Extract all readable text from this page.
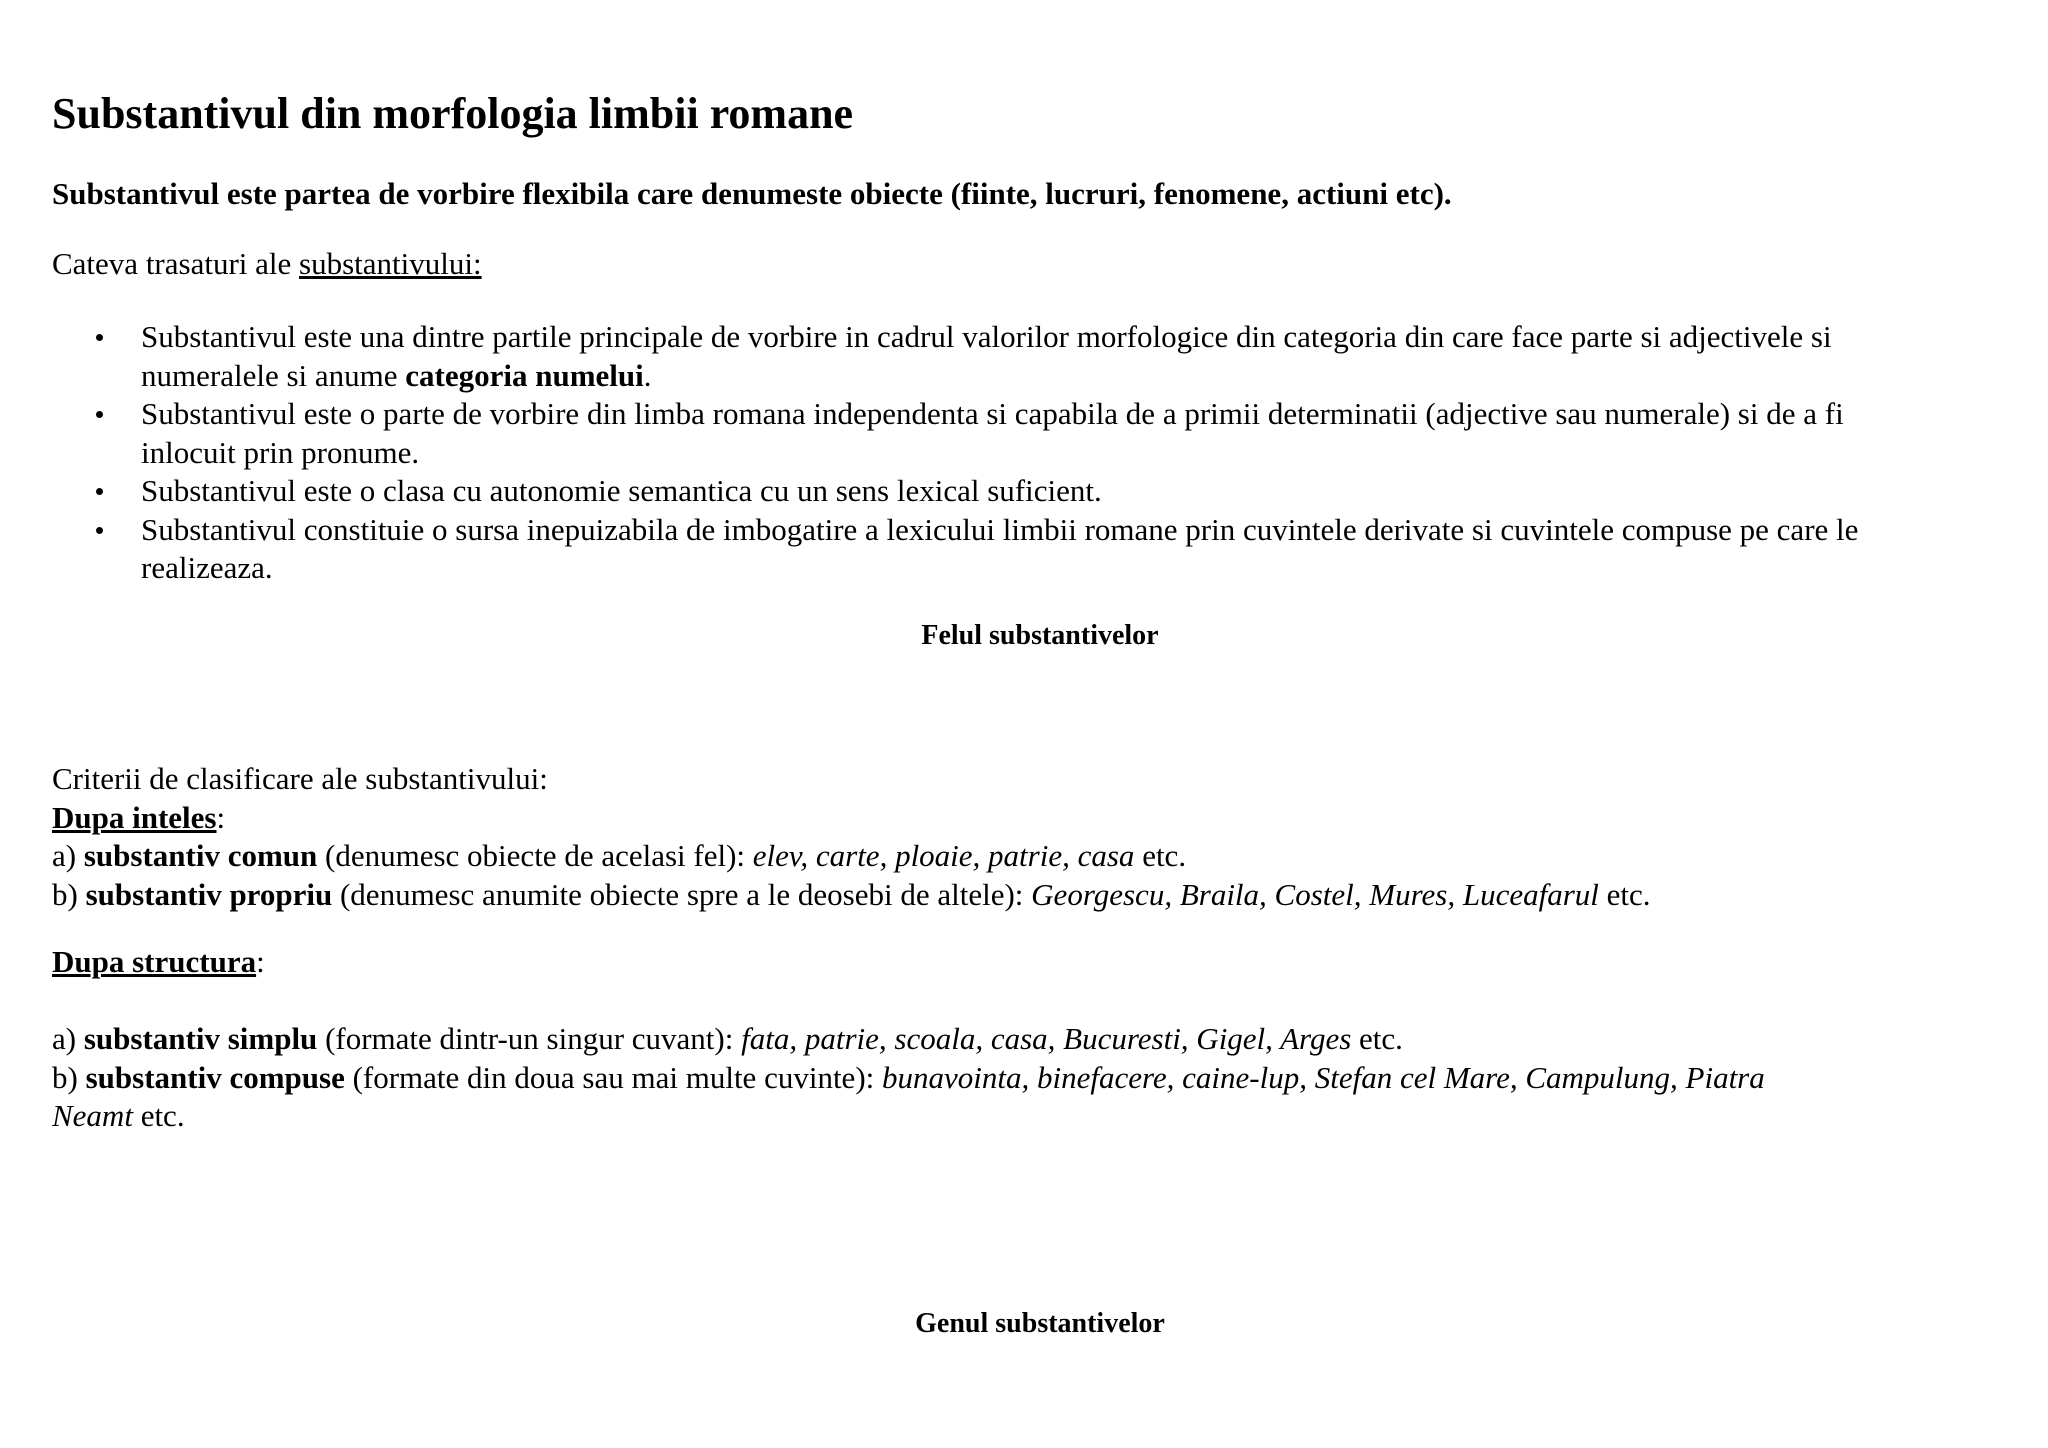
Substantivul din morfologia limbii romane

Substantivul este partea de vorbire flexibila care denumeste obiecte (fiinte, lucruri, fenomene, actiuni etc).

Cateva trasaturi ale substantivului:

Substantivul este una dintre partile principale de vorbire in cadrul valorilor morfologice din categoria din care face parte si adjectivele si
numeralele si anume categoria numelui.
Substantivul este o parte de vorbire din limba romana independenta si capabila de a primii determinatii (adjective sau numerale) si de a fi
inlocuit prin pronume.
Substantivul este o clasa cu autonomie semantica cu un sens lexical suficient.
Substantivul constituie o sursa inepuizabila de imbogatire a lexicului limbii romane prin cuvintele derivate si cuvintele compuse pe care le
realizeaza.
Felul substantivelor
Criterii de clasificare ale substantivului:
Dupa inteles:
a) substantiv comun (denumesc obiecte de acelasi fel): elev, carte, ploaie, patrie, casa etc.
b) substantiv propriu (denumesc anumite obiecte spre a le deosebi de altele): Georgescu, Braila, Costel, Mures, Luceafarul etc.
Dupa structura:
a) substantiv simplu (formate dintr-un singur cuvant): fata, patrie, scoala, casa, Bucuresti, Gigel, Arges etc.
b) substantiv compuse (formate din doua sau mai multe cuvinte): bunavointa, binefacere, caine-lup, Stefan cel Mare, Campulung, Piatra
Neamt etc.
Genul substantivelor
